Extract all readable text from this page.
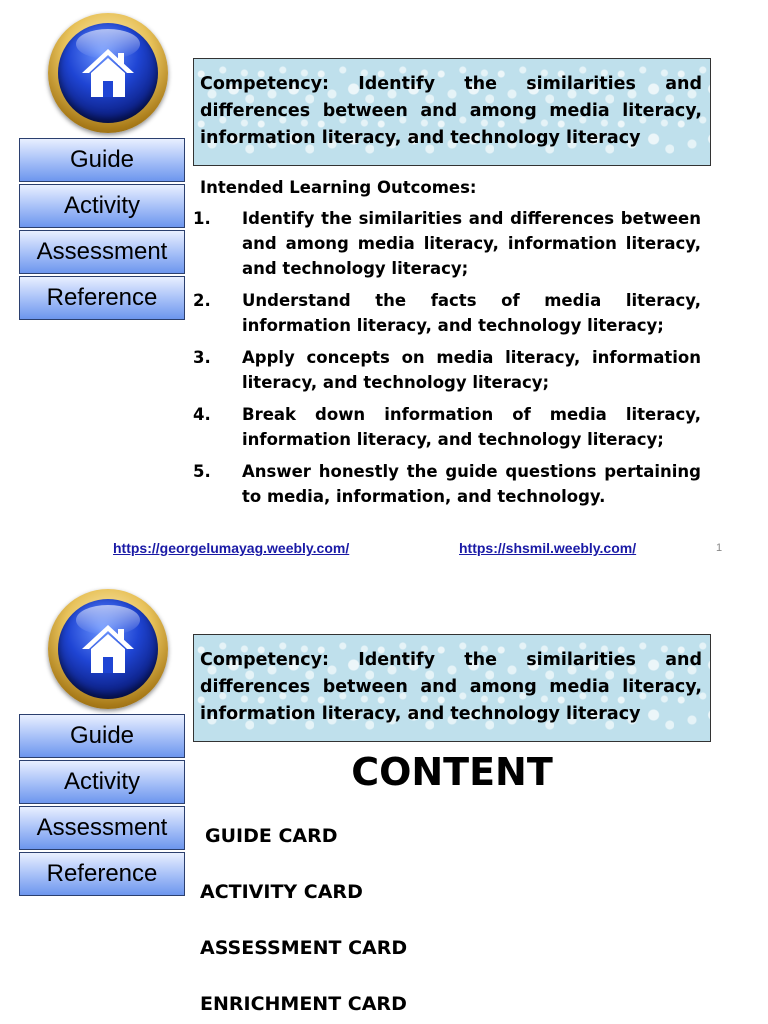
Guide
Activity
Assessment
Reference
Competency: Identify the similarities and differences between and among media literacy, information literacy, and technology literacy
Intended Learning Outcomes:
1. Identify the similarities and differences between and among media literacy, information literacy, and technology literacy;
2. Understand the facts of media literacy, information literacy, and technology literacy;
3. Apply concepts on media literacy, information literacy, and technology literacy;
4. Break down information of media literacy, information literacy, and technology literacy;
5. Answer honestly the guide questions pertaining to media, information, and technology.
https://georgelumayag.weebly.com/	https://shsmil.weebly.com/	1
Guide
Activity
Assessment
Reference
Competency: Identify the similarities and differences between and among media literacy, information literacy, and technology literacy
CONTENT
GUIDE CARD
ACTIVITY CARD
ASSESSMENT CARD
ENRICHMENT CARD
